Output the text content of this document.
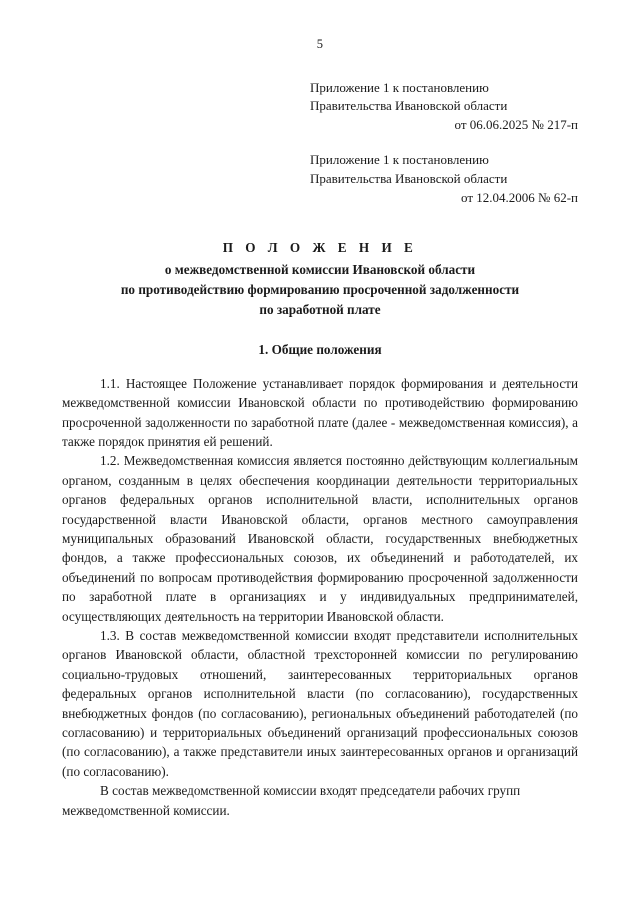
5
Приложение 1 к постановлению
Правительства Ивановской области
от 06.06.2025 № 217-п
Приложение 1 к постановлению
Правительства Ивановской области
от 12.04.2006 № 62-п
П О Л О Ж Е Н И Е
о межведомственной комиссии Ивановской области
по противодействию формированию просроченной задолженности
по заработной плате
1. Общие положения

1.1. Настоящее Положение устанавливает порядок формирования и деятельности межведомственной комиссии Ивановской области по противодействию формированию просроченной задолженности по заработной плате (далее - межведомственная комиссия), а также порядок принятия ей решений.

1.2. Межведомственная комиссия является постоянно действующим коллегиальным органом, созданным в целях обеспечения координации деятельности территориальных органов федеральных органов исполнительной власти, исполнительных органов государственной власти Ивановской области, органов местного самоуправления муниципальных образований Ивановской области, государственных внебюджетных фондов, а также профессиональных союзов, их объединений и работодателей, их объединений по вопросам противодействия формированию просроченной задолженности по заработной плате в организациях и у индивидуальных предпринимателей, осуществляющих деятельность на территории Ивановской области.

1.3. В состав межведомственной комиссии входят представители исполнительных органов Ивановской области, областной трехсторонней комиссии по регулированию социально-трудовых отношений, заинтересованных территориальных органов федеральных органов исполнительной власти (по согласованию), государственных внебюджетных фондов (по согласованию), региональных объединений работодателей (по согласованию) и территориальных объединений организаций профессиональных союзов (по согласованию), а также представители иных заинтересованных органов и организаций (по согласованию).

В состав межведомственной комиссии входят председатели рабочих групп межведомственной комиссии.
